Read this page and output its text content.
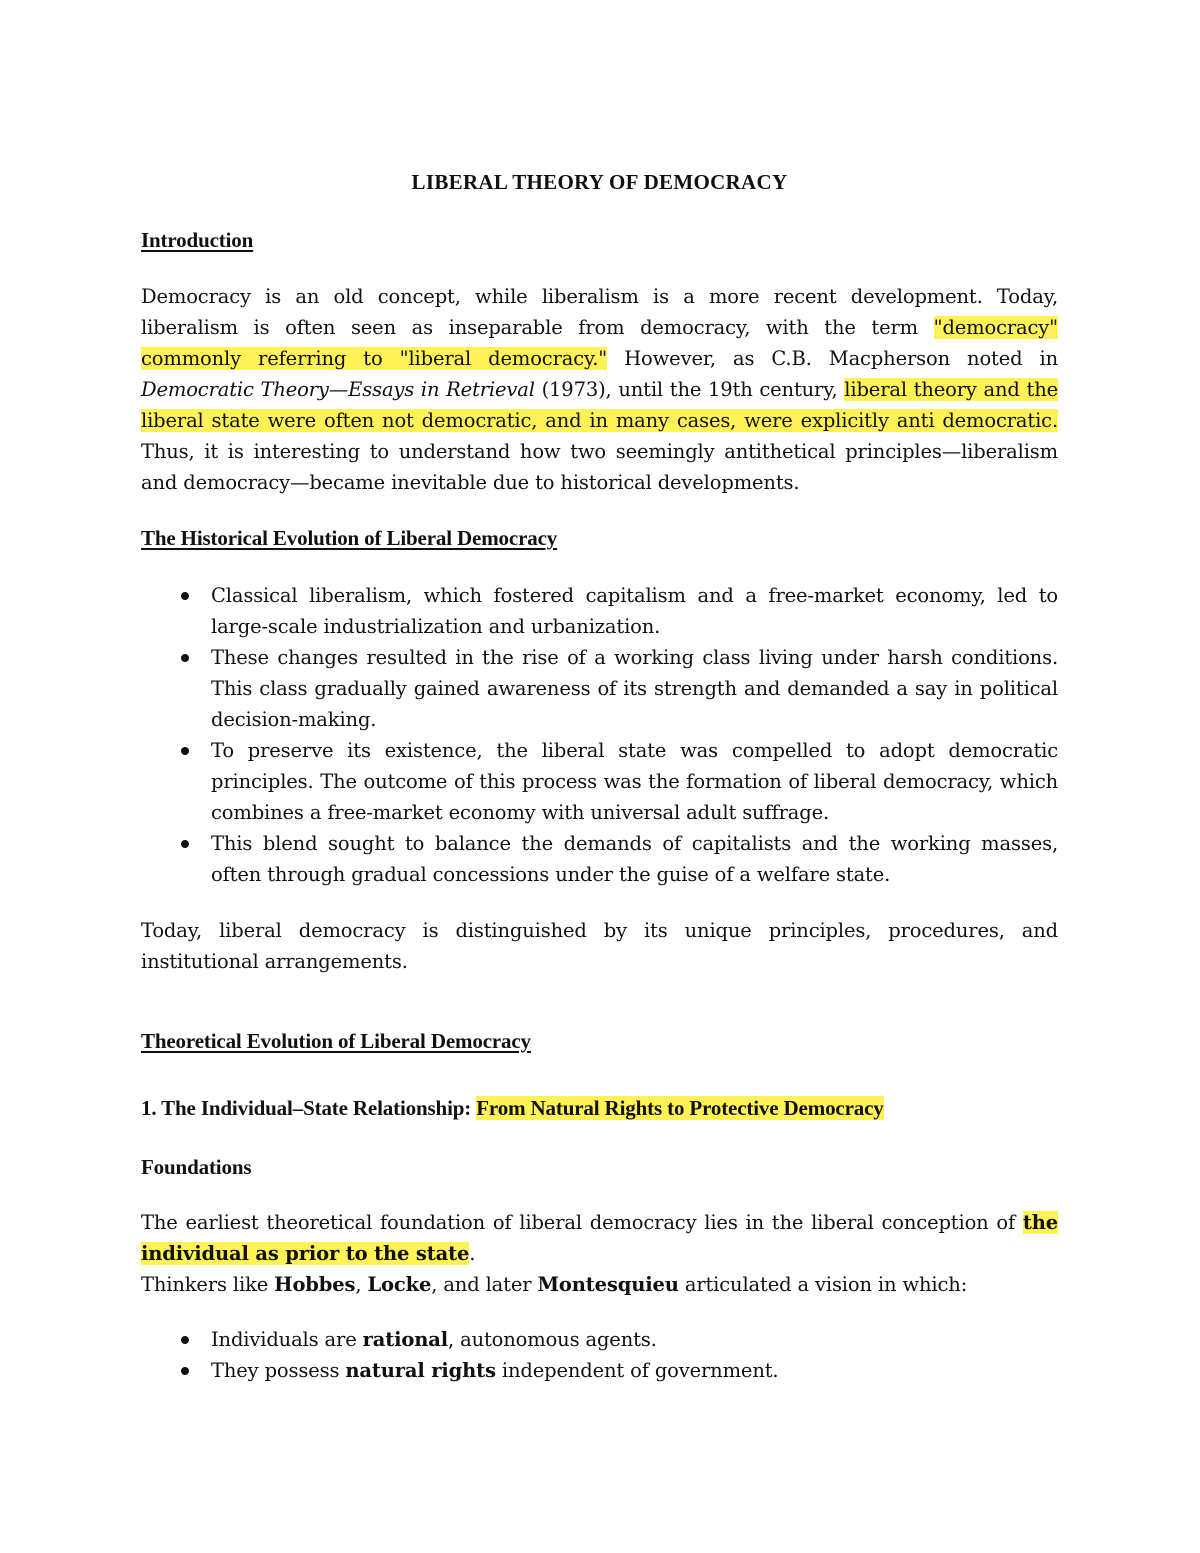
LIBERAL THEORY OF DEMOCRACY
Introduction

Democracy is an old concept, while liberalism is a more recent development. Today, liberalism is often seen as inseparable from democracy, with the term "democracy" commonly referring to "liberal democracy." However, as C.B. Macpherson noted in Democratic Theory—Essays in Retrieval (1973), until the 19th century, liberal theory and the liberal state were often not democratic, and in many cases, were explicitly anti democratic. Thus, it is interesting to understand how two seemingly antithetical principles—liberalism and democracy—became inevitable due to historical developments.

The Historical Evolution of Liberal Democracy
Classical liberalism, which fostered capitalism and a free-market economy, led to large-scale industrialization and urbanization.
These changes resulted in the rise of a working class living under harsh conditions. This class gradually gained awareness of its strength and demanded a say in political decision-making.
To preserve its existence, the liberal state was compelled to adopt democratic principles. The outcome of this process was the formation of liberal democracy, which combines a free-market economy with universal adult suffrage.
This blend sought to balance the demands of capitalists and the working masses, often through gradual concessions under the guise of a welfare state.

Today, liberal democracy is distinguished by its unique principles, procedures, and institutional arrangements.

Theoretical Evolution of Liberal Democracy
1. The Individual–State Relationship: From Natural Rights to Protective Democracy
Foundations

The earliest theoretical foundation of liberal democracy lies in the liberal conception of the individual as prior to the state.

Thinkers like Hobbes, Locke, and later Montesquieu articulated a vision in which:

Individuals are rational, autonomous agents.
They possess natural rights independent of government.
